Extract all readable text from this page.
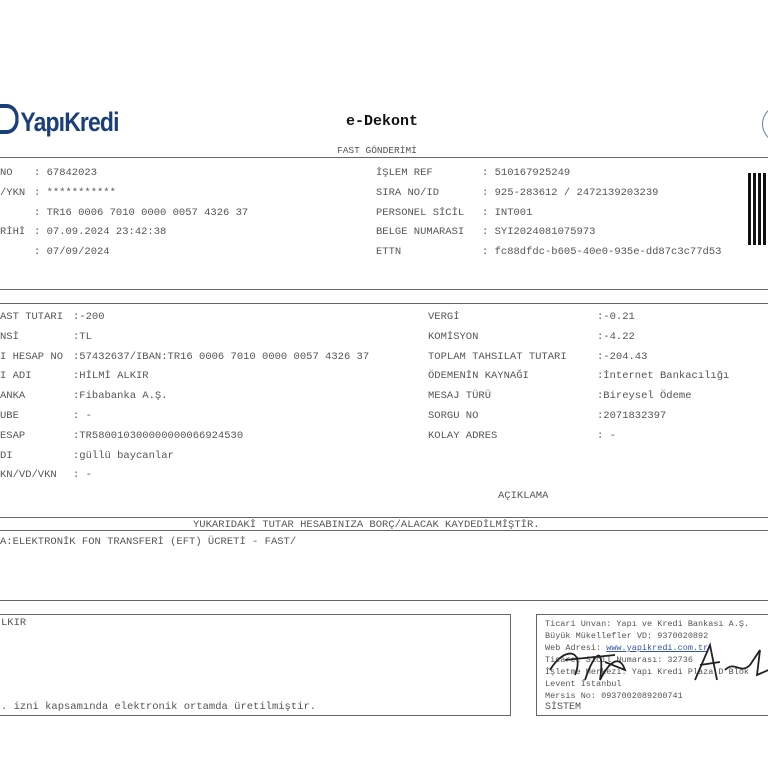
YapıKredi	e-Dekont
FAST GÖNDERİMİ
NO : 67842023
/YKN : ***********
: TR16 0006 7010 0000 0057 4326 37
RİHİ : 07.09.2024 23:42:38
: 07/09/2024
İŞLEM REF	: 510167925249
SIRA NO/ID	: 925-283612 / 2472139203239
PERSONEL SİCİL : INT001
BELGE NUMARASI : SYI2024081075973
ETTN	: fc88dfdc-b605-40e0-935e-dd87c3c77d53
AST TUTARI :-200
NSİ	:TL
I HESAP NO :57432637/IBAN:TR16 0006 7010 0000 0057 4326 37
I ADI	:HİLMİ ALKIR
ANKA	:Fibabanka A.Ş.
UBE	: -
ESAP	:TR580010300000000066924530
DI	:güllü baycanlar
KN/VD/VKN : -
VERGİ	:-0.21
KOMİSYON	:-4.22
TOPLAM TAHSILAT TUTARI	:-204.43
ÖDEMENİN KAYNAĞI	:İnternet Bankacılığı
MESAJ TÜRÜ	:Bireysel Ödeme
SORGU NO	:2071832397
KOLAY ADRES	: -
AÇIKLAMA
YUKARIDAKİ TUTAR HESABINIZA BORÇ/ALACAK KAYDEDİLMİŞTİR.
A:ELEKTRONİK FON TRANSFERİ (EFT) ÜCRETİ - FAST/
LKIR
. izni kapsamında elektronik ortamda üretilmiştir.
Ticari Unvan: Yapı ve Kredi Bankası A.Ş.
Büyük Mükellefler VD: 9370020892
Web Adresi: www.yapikredi.com.tr
Ticaret Sicil Numarası: 32736
İşletme Merkezi: Yapı Kredi Plaza D Blok
Levent İstanbul
Mersis No: 0937002089200741
SİSTEM
